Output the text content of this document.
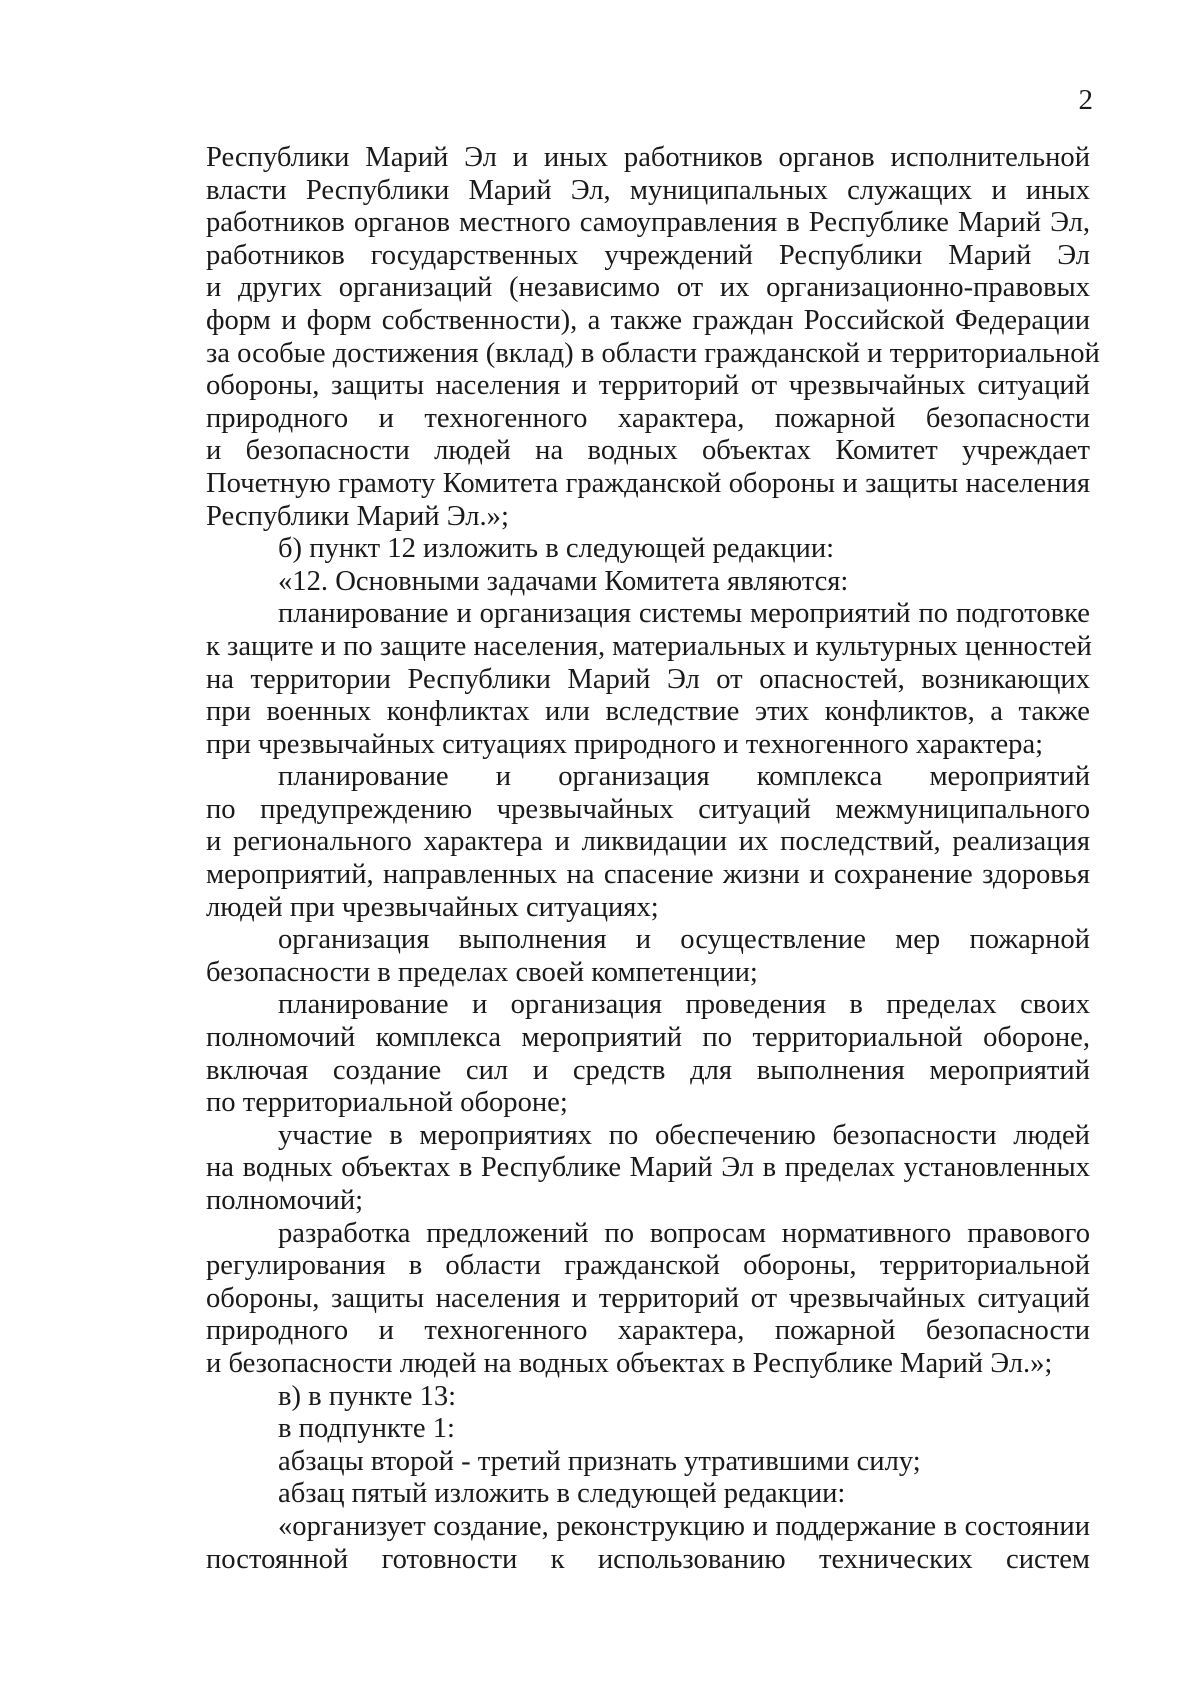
2
Республики Марий Эл и иных работников органов исполнительной
власти Республики Марий Эл, муниципальных служащих и иных
работников органов местного самоуправления в Республике Марий Эл,
работников государственных учреждений Республики Марий Эл
и других организаций (независимо от их организационно-правовых
форм и форм собственности), а также граждан Российской Федерации
за особые достижения (вклад) в области гражданской и территориальной
обороны, защиты населения и территорий от чрезвычайных ситуаций
природного и техногенного характера, пожарной безопасности
и безопасности людей на водных объектах Комитет учреждает
Почетную грамоту Комитета гражданской обороны и защиты населения
Республики Марий Эл.»;
б) пункт 12 изложить в следующей редакции:
«12. Основными задачами Комитета являются:
планирование и организация системы мероприятий по подготовке
к защите и по защите населения, материальных и культурных ценностей
на территории Республики Марий Эл от опасностей, возникающих
при военных конфликтах или вследствие этих конфликтов, а также
при чрезвычайных ситуациях природного и техногенного характера;
планирование и организация комплекса мероприятий
по предупреждению чрезвычайных ситуаций межмуниципального
и регионального характера и ликвидации их последствий, реализация
мероприятий, направленных на спасение жизни и сохранение здоровья
людей при чрезвычайных ситуациях;
организация выполнения и осуществление мер пожарной
безопасности в пределах своей компетенции;
планирование и организация проведения в пределах своих
полномочий комплекса мероприятий по территориальной обороне,
включая создание сил и средств для выполнения мероприятий
по территориальной обороне;
участие в мероприятиях по обеспечению безопасности людей
на водных объектах в Республике Марий Эл в пределах установленных
полномочий;
разработка предложений по вопросам нормативного правового
регулирования в области гражданской обороны, территориальной
обороны, защиты населения и территорий от чрезвычайных ситуаций
природного и техногенного характера, пожарной безопасности
и безопасности людей на водных объектах в Республике Марий Эл.»;
в) в пункте 13:
в подпункте 1:
абзацы второй - третий признать утратившими силу;
абзац пятый изложить в следующей редакции:
«организует создание, реконструкцию и поддержание в состоянии
постоянной готовности к использованию технических систем
